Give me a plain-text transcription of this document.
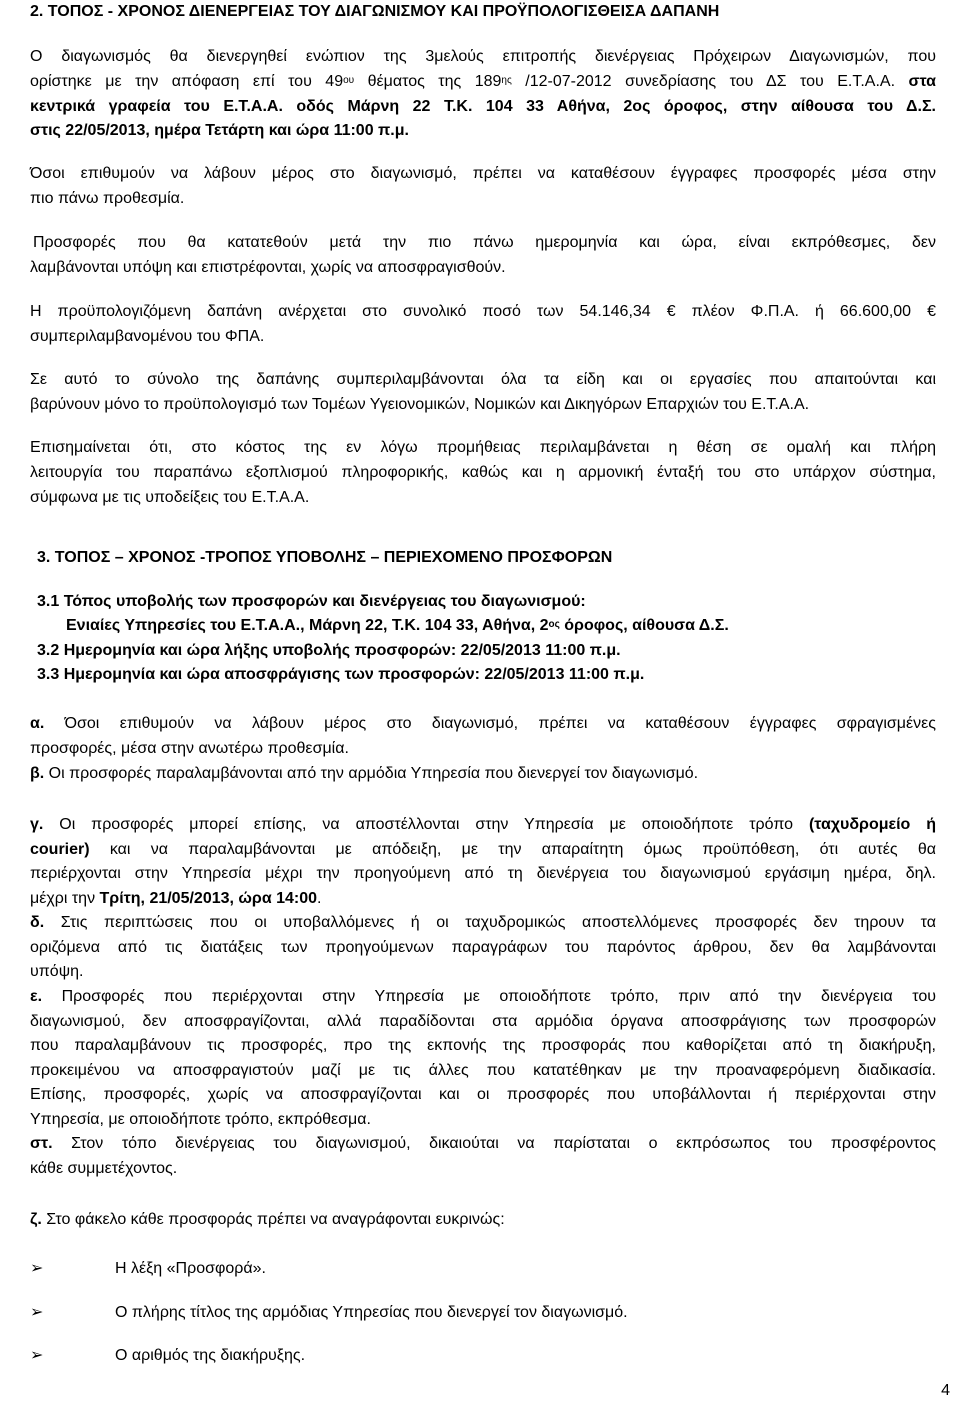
2. ΤΟΠΟΣ - ΧΡΟΝΟΣ ΔΙΕΝΕΡΓΕΙΑΣ ΤΟΥ ΔΙΑΓΩΝΙΣΜΟΥ ΚΑΙ ΠΡΟΫΠΟΛΟΓΙΣΘΕΙΣΑ ΔΑΠΑΝΗ
Ο διαγωνισμός θα διενεργηθεί ενώπιον της 3μελούς επιτροπής διενέργειας Πρόχειρων Διαγωνισμών, που
ορίστηκε με την απόφαση επί του $49^{o\upsilon}$ θέματος της $189^{\eta\varsigma}$ /12-07-2012 συνεδρίασης του ΔΣ του Ε.Τ.Α.Α. στα
κεντρικά γραφεία του Ε.Τ.Α.Α. οδός Μάρνη 22 Τ.Κ. 104 33 Αθήνα, 2ος όροφος, στην αίθουσα του Δ.Σ.
στις 22/05/2013, ημέρα Τετάρτη και ώρα 11:00 π.μ.
Όσοι επιθυμούν να λάβουν μέρος στο διαγωνισμό, πρέπει να καταθέσουν έγγραφες προσφορές μέσα στην
πιο πάνω προθεσμία.
Προσφορές που θα κατατεθούν μετά την πιο πάνω ημερομηνία και ώρα, είναι εκπρόθεσμες, δεν
λαμβάνονται υπόψη και επιστρέφονται, χωρίς να αποσφραγισθούν.
Η προϋπολογιζόμενη δαπάνη ανέρχεται στο συνολικό ποσό των 54.146,34 € πλέον Φ.Π.Α. ή 66.600,00 €
συμπεριλαμβανομένου του ΦΠΑ.
Σε αυτό το σύνολο της δαπάνης συμπεριλαμβάνονται όλα τα είδη και οι εργασίες που απαιτούνται και
βαρύνουν μόνο το προϋπολογισμό των Τομέων Υγειονομικών, Νομικών και Δικηγόρων Επαρχιών του Ε.Τ.Α.Α.
Επισημαίνεται ότι, στο κόστος της εν λόγω προμήθειας περιλαμβάνεται η θέση σε ομαλή και πλήρη
λειτουργία του παραπάνω εξοπλισμού πληροφορικής, καθώς και η αρμονική ένταξή του στο υπάρχον σύστημα,
σύμφωνα με τις υποδείξεις του Ε.Τ.Α.Α.
3. ΤΟΠΟΣ – ΧΡΟΝΟΣ -ΤΡΟΠΟΣ ΥΠΟΒΟΛΗΣ – ΠΕΡΙΕΧΟΜΕΝΟ ΠΡΟΣΦΟΡΩΝ
3.1 Τόπος υποβολής των προσφορών και διενέργειας του διαγωνισμού:
Ενιαίες Υπηρεσίες του Ε.Τ.Α.Α., Μάρνη 22, Τ.Κ. 104 33, Αθήνα, $2^{o\varsigma}$ όροφος, αίθουσα Δ.Σ.
3.2 Ημερομηνία και ώρα λήξης υποβολής προσφορών: 22/05/2013 11:00 π.μ.
3.3 Ημερομηνία και ώρα αποσφράγισης των προσφορών: 22/05/2013 11:00 π.μ.
α. Όσοι επιθυμούν να λάβουν μέρος στο διαγωνισμό, πρέπει να καταθέσουν έγγραφες σφραγισμένες
προσφορές, μέσα στην ανωτέρω προθεσμία.
β. Οι προσφορές παραλαμβάνονται από την αρμόδια Υπηρεσία που διενεργεί τον διαγωνισμό.
γ. Οι προσφορές μπορεί επίσης, να αποστέλλονται στην Υπηρεσία με οποιοδήποτε τρόπο (ταχυδρομείο ή
courier) και να παραλαμβάνονται με απόδειξη, με την απαραίτητη όμως προϋπόθεση, ότι αυτές θα
περιέρχονται στην Υπηρεσία μέχρι την προηγούμενη από τη διενέργεια του διαγωνισμού εργάσιμη ημέρα, δηλ.
μέχρι την Τρίτη, 21/05/2013, ώρα 14:00.
δ. Στις περιπτώσεις που οι υποβαλλόμενες ή οι ταχυδρομικώς αποστελλόμενες προσφορές δεν τηρουν τα
οριζόμενα από τις διατάξεις των προηγούμενων παραγράφων του παρόντος άρθρου, δεν θα λαμβάνονται
υπόψη.
ε. Προσφορές που περιέρχονται στην Υπηρεσία με οποιοδήποτε τρόπο, πριν από την διενέργεια του
διαγωνισμού, δεν αποσφραγίζονται, αλλά παραδίδονται στα αρμόδια όργανα αποσφράγισης των προσφορών
που παραλαμβάνουν τις προσφορές, προ της εκπονής της προσφοράς που καθορίζεται από τη διακήρυξη,
προκειμένου να αποσφραγιστούν μαζί με τις άλλες που κατατέθηκαν με την προαναφερόμενη διαδικασία.
Επίσης, προσφορές, χωρίς να αποσφραγίζονται και οι προσφορές που υποβάλλονται ή περιέρχονται στην
Υπηρεσία, με οποιοδήποτε τρόπο, εκπρόθεσμα.
στ. Στον τόπο διενέργειας του διαγωνισμού, δικαιούται να παρίσταται ο εκπρόσωπος του προσφέροντος
κάθε συμμετέχοντος.
ζ. Στο φάκελο κάθε προσφοράς πρέπει να αναγράφονται ευκρινώς:
➢	Η λέξη «Προσφορά».
➢	Ο πλήρης τίτλος της αρμόδιας Υπηρεσίας που διενεργεί τον διαγωνισμό.
➢	Ο αριθμός της διακήρυξης.
4
